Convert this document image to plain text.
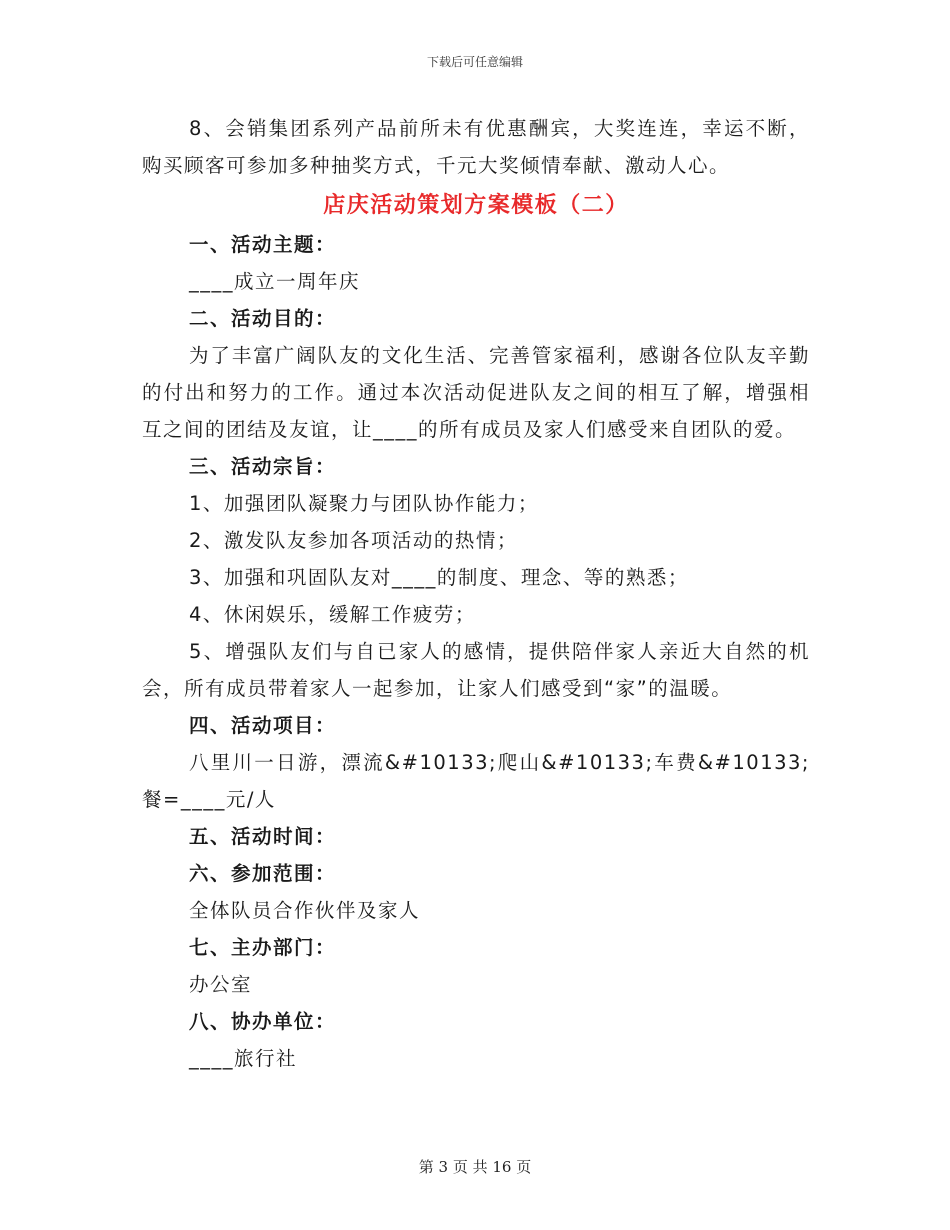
下载后可任意编辑

8、会销集团系列产品前所未有优惠酬宾，大奖连连，幸运不断，购买顾客可参加多种抽奖方式，千元大奖倾情奉献、激动人心。

店庆活动策划方案模板（二）

一、活动主题：

____成立一周年庆

二、活动目的：

为了丰富广阔队友的文化生活、完善管家福利，感谢各位队友辛勤的付出和努力的工作。通过本次活动促进队友之间的相互了解，增强相互之间的团结及友谊，让____的所有成员及家人们感受来自团队的爱。

三、活动宗旨：

1、加强团队凝聚力与团队协作能力；

2、激发队友参加各项活动的热情；

3、加强和巩固队友对____的制度、理念、等的熟悉；

4、休闲娱乐，缓解工作疲劳；

5、增强队友们与自已家人的感情，提供陪伴家人亲近大自然的机会，所有成员带着家人一起参加，让家人们感受到“家”的温暖。

四、活动项目：

八里川一日游，漂流&#10133;爬山&#10133;车费&#10133;餐=____元/人

五、活动时间：

六、参加范围：

全体队员合作伙伴及家人

七、主办部门：

办公室

八、协办单位：

____旅行社

第 3 页 共 16 页
